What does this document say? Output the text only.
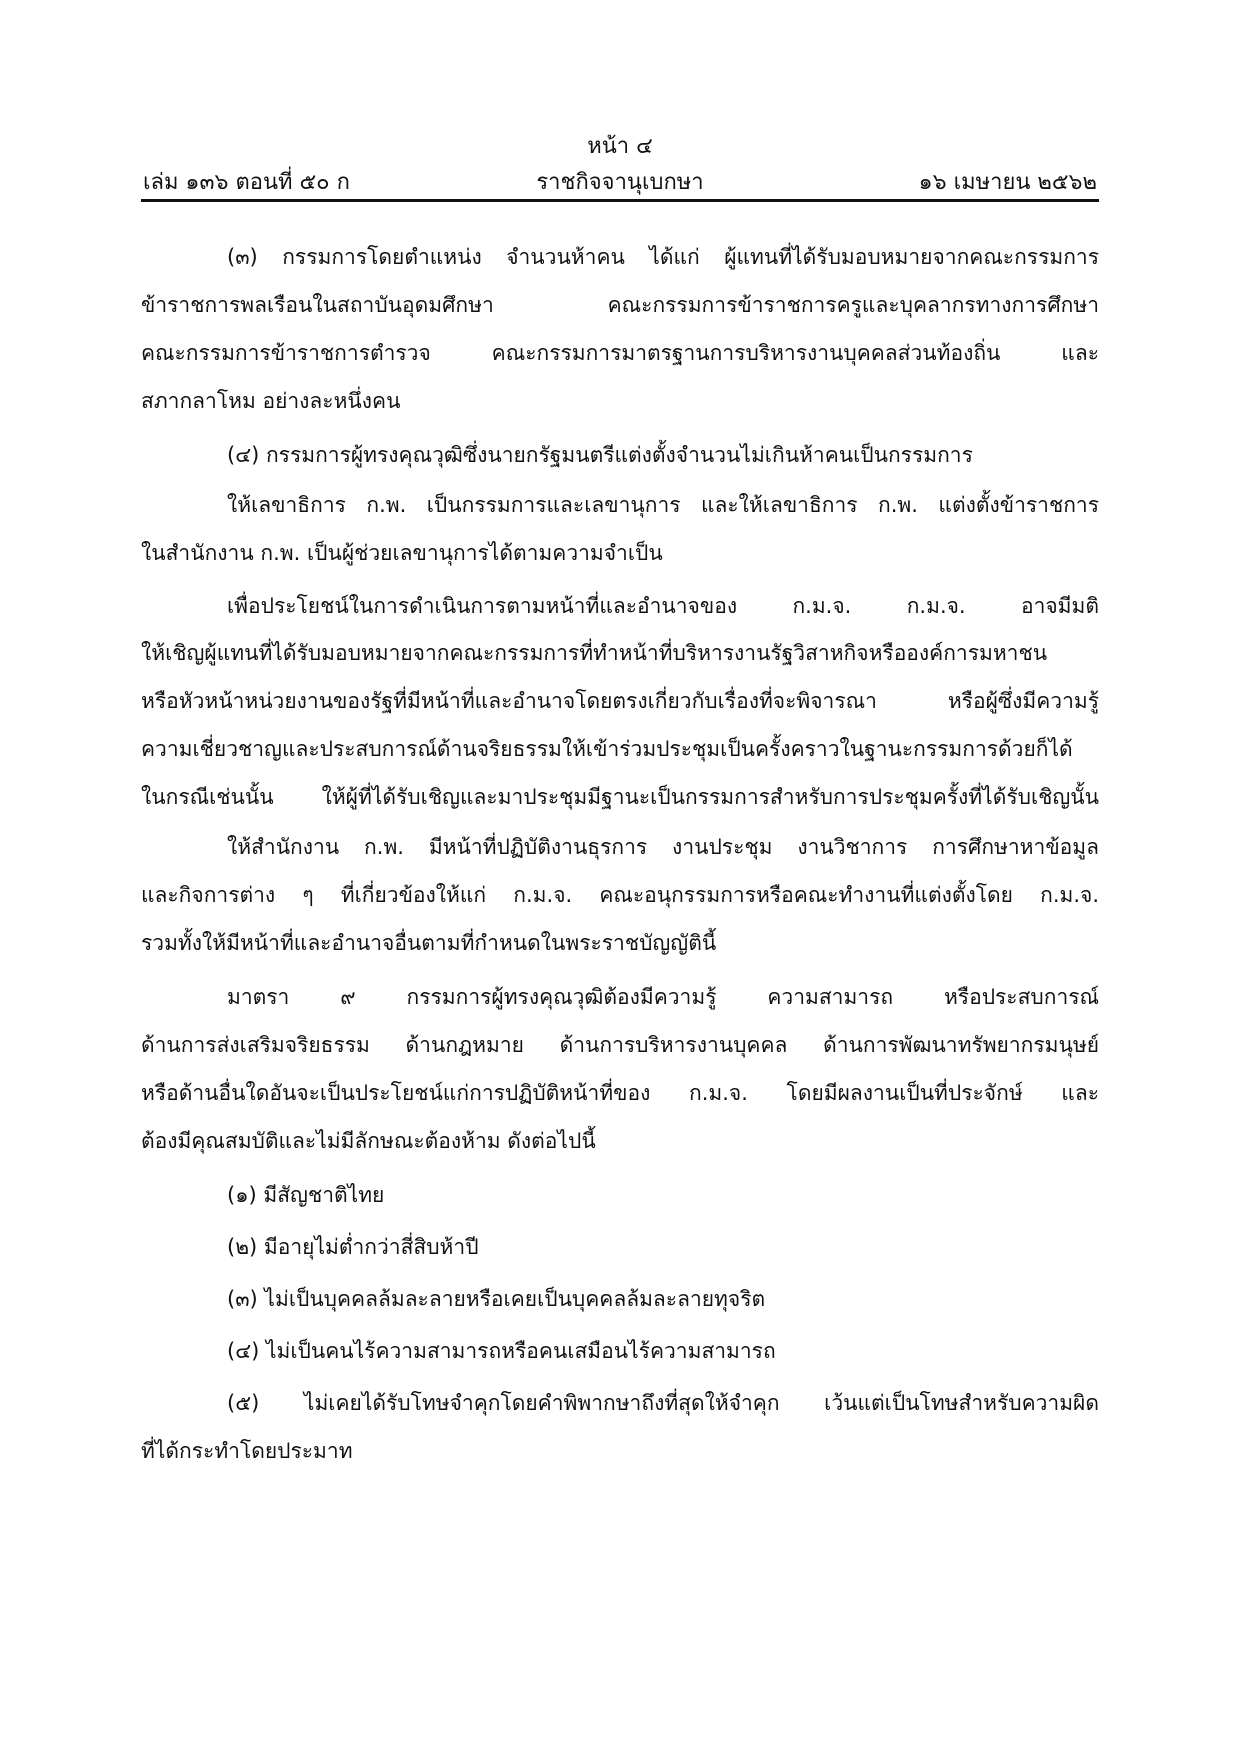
หน้า ๔
เล่ม ๑๓๖ ตอนที่ ๕๐ ก	ราชกิจจานุเบกษา	๑๖ เมษายน ๒๕๖๒
(๓) กรรมการโดยตำแหน่ง จำนวนห้าคน ได้แก่ ผู้แทนที่ได้รับมอบหมายจากคณะกรรมการ
ข้าราชการพลเรือนในสถาบันอุดมศึกษา คณะกรรมการข้าราชการครูและบุคลากรทางการศึกษา
คณะกรรมการข้าราชการตำรวจ คณะกรรมการมาตรฐานการบริหารงานบุคคลส่วนท้องถิ่น และ
สภากลาโหม อย่างละหนึ่งคน
(๔) กรรมการผู้ทรงคุณวุฒิซึ่งนายกรัฐมนตรีแต่งตั้งจำนวนไม่เกินห้าคนเป็นกรรมการ
ให้เลขาธิการ ก.พ. เป็นกรรมการและเลขานุการ และให้เลขาธิการ ก.พ. แต่งตั้งข้าราชการ
ในสำนักงาน ก.พ. เป็นผู้ช่วยเลขานุการได้ตามความจำเป็น
เพื่อประโยชน์ในการดำเนินการตามหน้าที่และอำนาจของ ก.ม.จ. ก.ม.จ. อาจมีมติ
ให้เชิญผู้แทนที่ได้รับมอบหมายจากคณะกรรมการที่ทำหน้าที่บริหารงานรัฐวิสาหกิจหรือองค์การมหาชน
หรือหัวหน้าหน่วยงานของรัฐที่มีหน้าที่และอำนาจโดยตรงเกี่ยวกับเรื่องที่จะพิจารณา หรือผู้ซึ่งมีความรู้
ความเชี่ยวชาญและประสบการณ์ด้านจริยธรรมให้เข้าร่วมประชุมเป็นครั้งคราวในฐานะกรรมการด้วยก็ได้
ในกรณีเช่นนั้น ให้ผู้ที่ได้รับเชิญและมาประชุมมีฐานะเป็นกรรมการสำหรับการประชุมครั้งที่ได้รับเชิญนั้น
ให้สำนักงาน ก.พ. มีหน้าที่ปฏิบัติงานธุรการ งานประชุม งานวิชาการ การศึกษาหาข้อมูล
และกิจการต่าง ๆ ที่เกี่ยวข้องให้แก่ ก.ม.จ. คณะอนุกรรมการหรือคณะทำงานที่แต่งตั้งโดย ก.ม.จ.
รวมทั้งให้มีหน้าที่และอำนาจอื่นตามที่กำหนดในพระราชบัญญัตินี้
มาตรา ๙ กรรมการผู้ทรงคุณวุฒิต้องมีความรู้ ความสามารถ หรือประสบการณ์
ด้านการส่งเสริมจริยธรรม ด้านกฎหมาย ด้านการบริหารงานบุคคล ด้านการพัฒนาทรัพยากรมนุษย์
หรือด้านอื่นใดอันจะเป็นประโยชน์แก่การปฏิบัติหน้าที่ของ ก.ม.จ. โดยมีผลงานเป็นที่ประจักษ์ และ
ต้องมีคุณสมบัติและไม่มีลักษณะต้องห้าม ดังต่อไปนี้
(๑) มีสัญชาติไทย
(๒) มีอายุไม่ต่ำกว่าสี่สิบห้าปี
(๓) ไม่เป็นบุคคลล้มละลายหรือเคยเป็นบุคคลล้มละลายทุจริต
(๔) ไม่เป็นคนไร้ความสามารถหรือคนเสมือนไร้ความสามารถ
(๕) ไม่เคยได้รับโทษจำคุกโดยคำพิพากษาถึงที่สุดให้จำคุก เว้นแต่เป็นโทษสำหรับความผิด
ที่ได้กระทำโดยประมาท
